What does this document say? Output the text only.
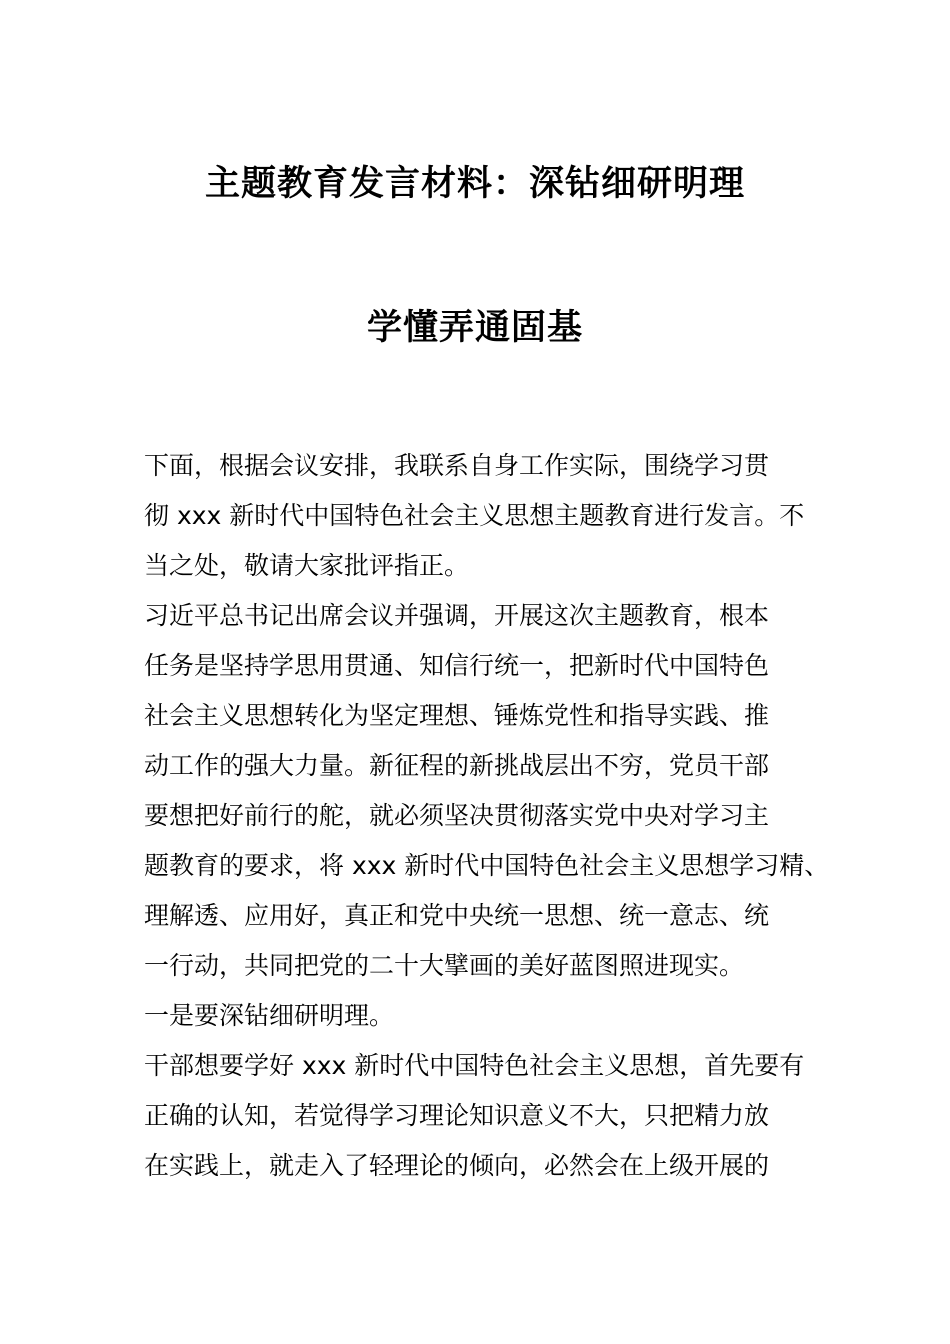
主题教育发言材料：深钻细研明理
学懂弄通固基

下面，根据会议安排，我联系自身工作实际，围绕学习贯

彻 xxx 新时代中国特色社会主义思想主题教育进行发言。不

当之处，敬请大家批评指正。

习近平总书记出席会议并强调，开展这次主题教育，根本

任务是坚持学思用贯通、知信行统一，把新时代中国特色

社会主义思想转化为坚定理想、锤炼党性和指导实践、推

动工作的强大力量。新征程的新挑战层出不穷，党员干部

要想把好前行的舵，就必须坚决贯彻落实党中央对学习主

题教育的要求，将 xxx 新时代中国特色社会主义思想学习精、

理解透、应用好，真正和党中央统一思想、统一意志、统

一行动，共同把党的二十大擘画的美好蓝图照进现实。

一是要深钻细研明理。

干部想要学好 xxx 新时代中国特色社会主义思想，首先要有

正确的认知，若觉得学习理论知识意义不大，只把精力放

在实践上，就走入了轻理论的倾向，必然会在上级开展的
